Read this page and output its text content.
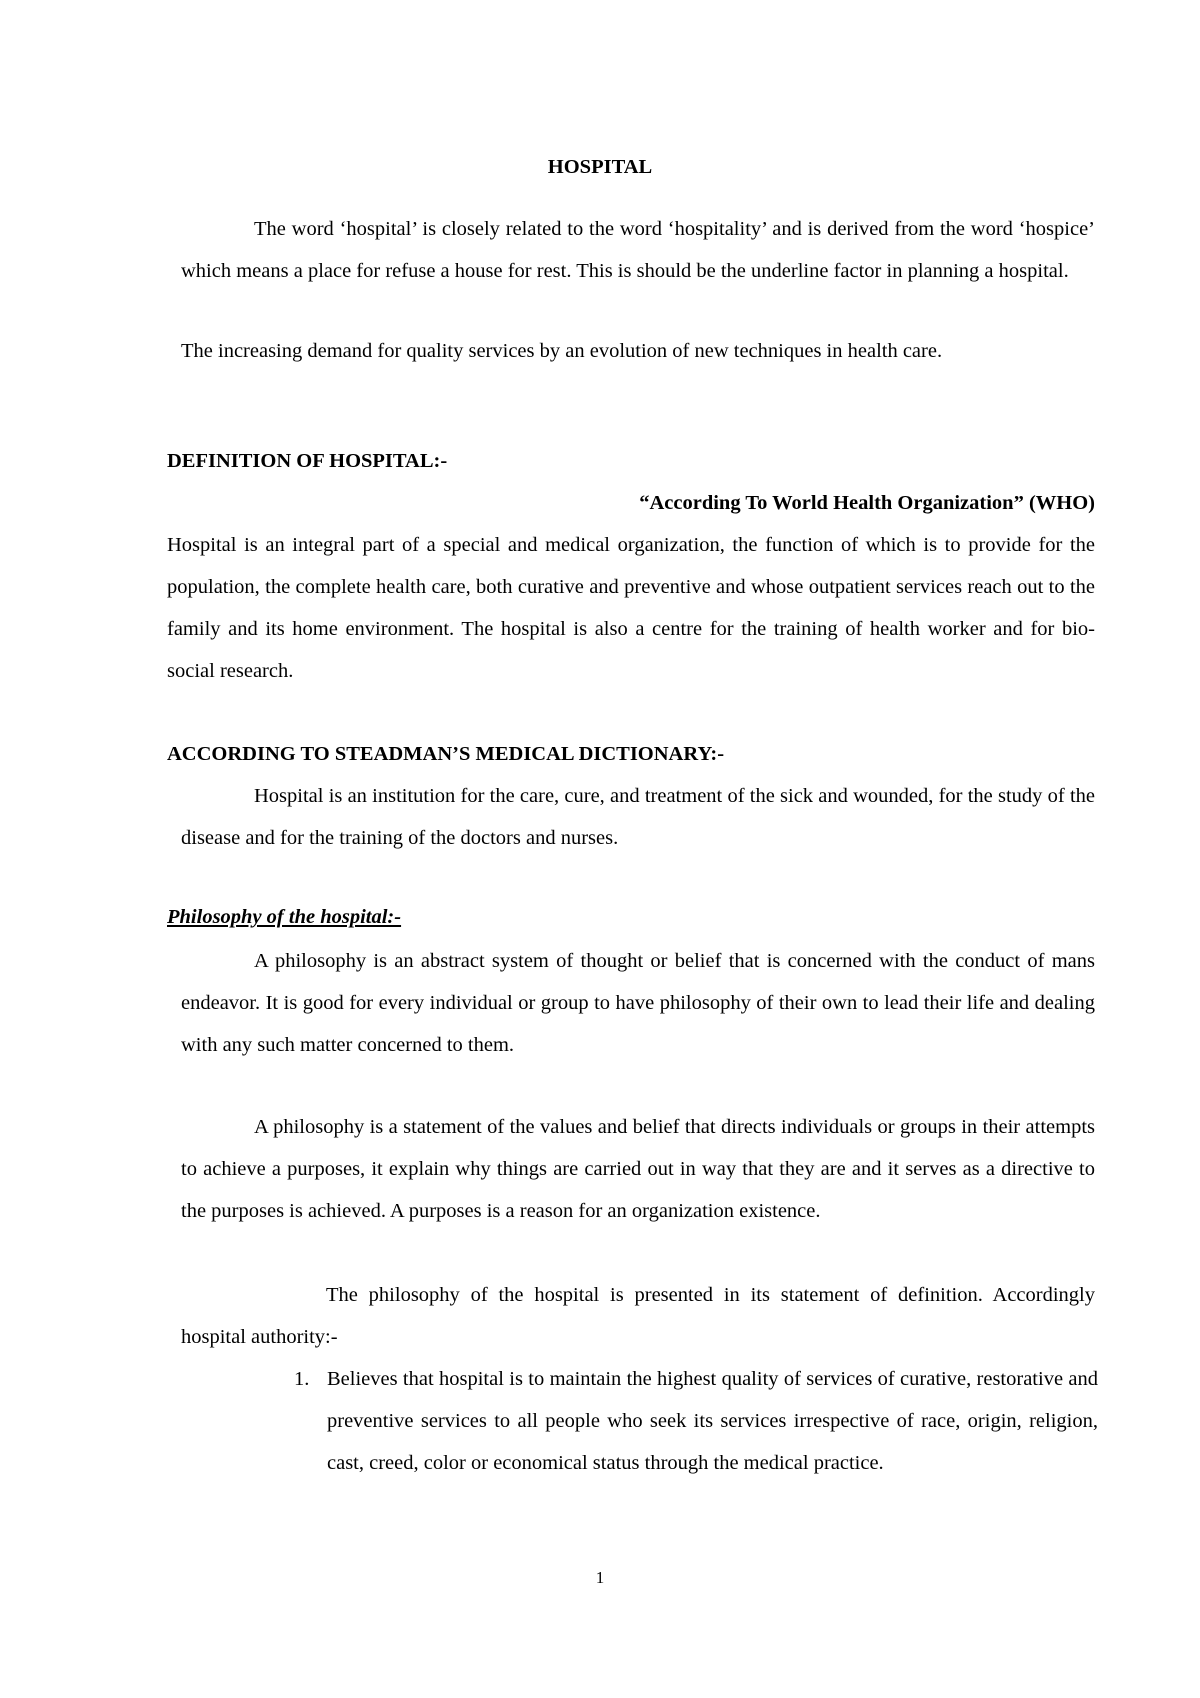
HOSPITAL

The word ‘hospital’ is closely related to the word ‘hospitality’ and is derived from the word ‘hospice’ which means a place for refuse a house for rest. This is should be the underline factor in planning a hospital.

The increasing demand for quality services by an evolution of new techniques in health care.

DEFINITION OF HOSPITAL:-

“According To World Health Organization” (WHO)

Hospital is an integral part of a special and medical organization, the function of which is to provide for the population, the complete health care, both curative and preventive and whose outpatient services reach out to the family and its home environment. The hospital is also a centre for the training of health worker and for bio-social research.

ACCORDING TO STEADMAN’S MEDICAL DICTIONARY:-

Hospital is an institution for the care, cure, and treatment of the sick and wounded, for the study of the disease and for the training of the doctors and nurses.

Philosophy of the hospital:-

A philosophy is an abstract system of thought or belief that is concerned with the conduct of mans endeavor. It is good for every individual or group to have philosophy of their own to lead their life and dealing with any such matter concerned to them.

A philosophy is a statement of the values and belief that directs individuals or groups in their attempts to achieve a purposes, it explain why things are carried out in way that they are and it serves as a directive to the purposes is achieved. A purposes is a reason for an organization existence.

The philosophy of the hospital is presented in its statement of definition. Accordingly hospital authority:-

1. Believes that hospital is to maintain the highest quality of services of curative, restorative and preventive services to all people who seek its services irrespective of race, origin, religion, cast, creed, color or economical status through the medical practice.
1
